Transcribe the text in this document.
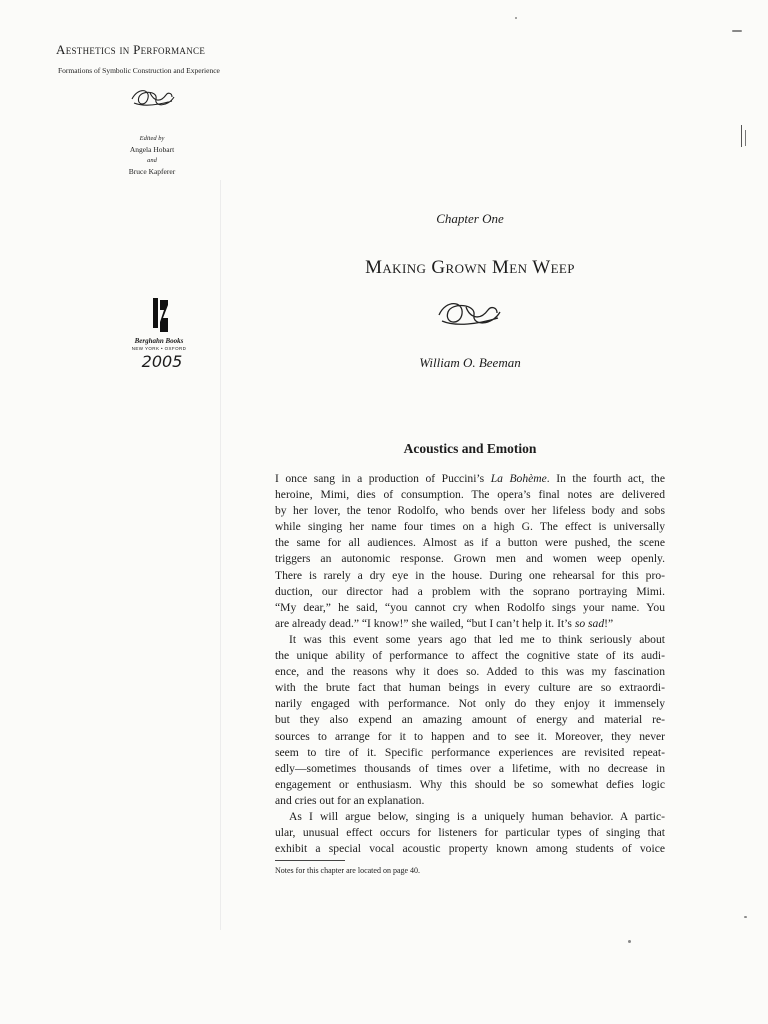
Aesthetics in Performance
Formations of Symbolic Construction and Experience
Edited by
Angela Hobart
and
Bruce Kapferer
Berghahn Books
NEW YORK • OXFORD
2005
Chapter One
Making Grown Men Weep
William O. Beeman
Acoustics and Emotion
I once sang in a production of Puccini’s La Bohème. In the fourth act, the
heroine, Mimi, dies of consumption. The opera’s final notes are delivered
by her lover, the tenor Rodolfo, who bends over her lifeless body and sobs
while singing her name four times on a high G. The effect is universally
the same for all audiences. Almost as if a button were pushed, the scene
triggers an autonomic response. Grown men and women weep openly.
There is rarely a dry eye in the house. During one rehearsal for this pro-
duction, our director had a problem with the soprano portraying Mimi.
“My dear,” he said, “you cannot cry when Rodolfo sings your name. You
are already dead.” “I know!” she wailed, “but I can’t help it. It’s so sad!”
It was this event some years ago that led me to think seriously about
the unique ability of performance to affect the cognitive state of its audi-
ence, and the reasons why it does so. Added to this was my fascination
with the brute fact that human beings in every culture are so extraordi-
narily engaged with performance. Not only do they enjoy it immensely
but they also expend an amazing amount of energy and material re-
sources to arrange for it to happen and to see it. Moreover, they never
seem to tire of it. Specific performance experiences are revisited repeat-
edly—sometimes thousands of times over a lifetime, with no decrease in
engagement or enthusiasm. Why this should be so somewhat defies logic
and cries out for an explanation.
As I will argue below, singing is a uniquely human behavior. A partic-
ular, unusual effect occurs for listeners for particular types of singing that
exhibit a special vocal acoustic property known among students of voice
Notes for this chapter are located on page 40.
